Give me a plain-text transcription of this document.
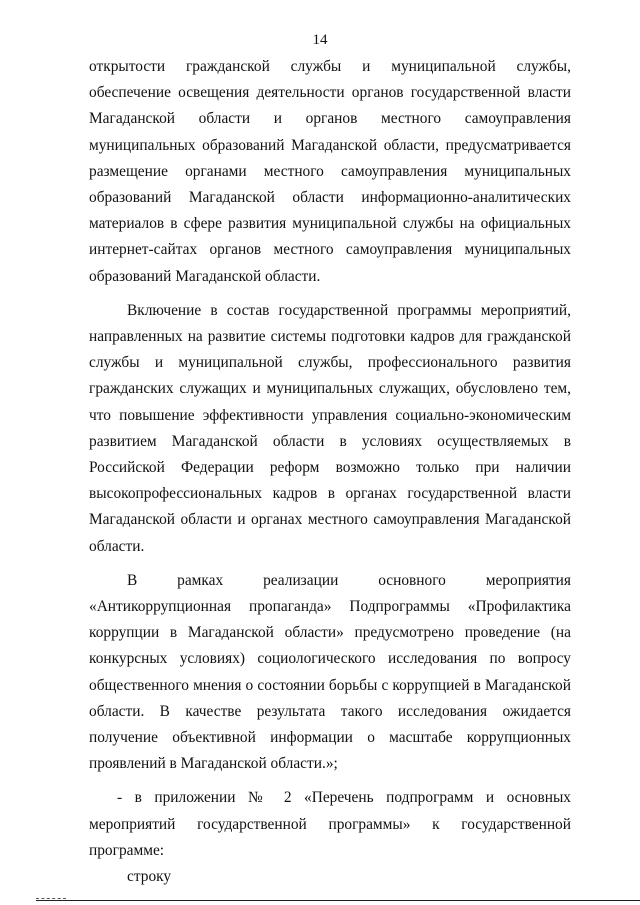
14

открытости гражданской службы и муниципальной службы, обеспечение освещения деятельности органов государственной власти Магаданской области и органов местного самоуправления муниципальных образований Магаданской области, предусматривается размещение органами местного самоуправления муниципальных образований Магаданской области информационно-аналитических материалов в сфере развития муниципальной службы на официальных интернет-сайтах органов местного самоуправления муниципальных образований Магаданской области.

Включение в состав государственной программы мероприятий, направленных на развитие системы подготовки кадров для гражданской службы и муниципальной службы, профессионального развития гражданских служащих и муниципальных служащих, обусловлено тем, что повышение эффективности управления социально-экономическим развитием Магаданской области в условиях осуществляемых в Российской Федерации реформ возможно только при наличии высокопрофессиональных кадров в органах государственной власти Магаданской области и органах местного самоуправления Магаданской области.

В рамках реализации основного мероприятия «Антикоррупционная пропаганда» Подпрограммы «Профилактика коррупции в Магаданской области» предусмотрено проведение (на конкурсных условиях) социологического исследования по вопросу общественного мнения о состоянии борьбы с коррупцией в Магаданской области. В качестве результата такого исследования ожидается получение объективной информации о масштабе коррупционных проявлений в Магаданской области.»;

- в приложении № 2 «Перечень подпрограмм и основных мероприятий государственной программы» к государственной программе:

строку
